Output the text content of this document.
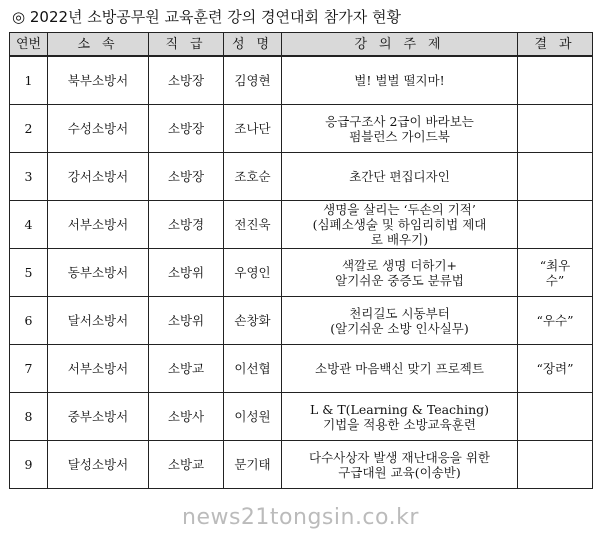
◎ 2022년 소방공무원 교육훈련 강의 경연대회 참가자 현황
연번	소 속	직 급	성 명	강 의 주 제	결 과
1	북부소방서	소방장	김영현	벌! 벌벌 떨지마!	
2	수성소방서	소방장	조나단	응급구조사 2급이 바라보는
펌블런스 가이드북	
3	강서소방서	소방장	조호순	초간단 편집디자인	
4	서부소방서	소방경	전진욱	생명을 살리는 ‘두손의 기적’
(심폐소생술 및 하임리히법 제대
로 배우기)	
5	동부소방서	소방위	우영인	색깔로 생명 더하기+
알기쉬운 중증도 분류법	“최우
수”
6	달서소방서	소방위	손창화	천리길도 시동부터
(알기쉬운 소방 인사실무)	“우수”
7	서부소방서	소방교	이선협	소방관 마음백신 맞기 프로젝트	“장려”
8	중부소방서	소방사	이성원	L & T(Learning & Teaching)
기법을 적용한 소방교육훈련	
9	달성소방서	소방교	문기태	다수사상자 발생 재난대응을 위한
구급대원 교육(이송반)	
news21tongsin.co.kr
